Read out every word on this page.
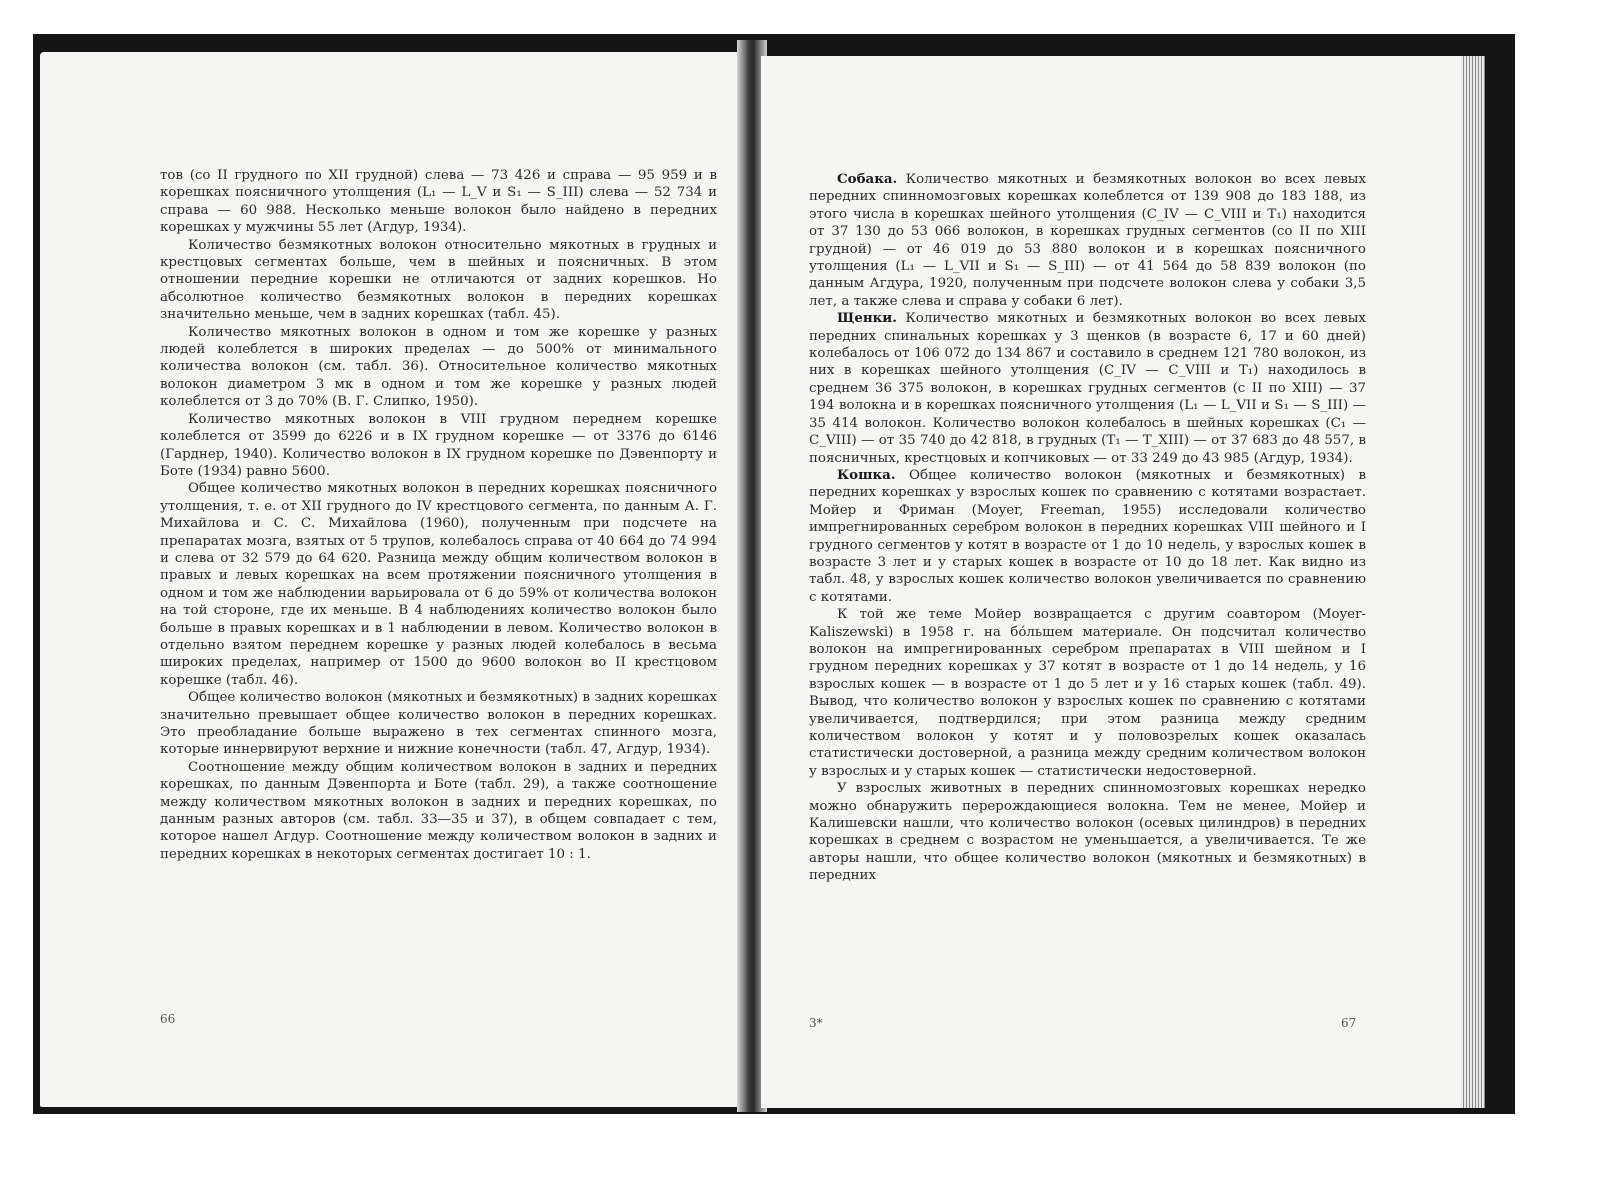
тов (со II грудного по XII грудной) слева — 73 426 и справа — 95 959 и в корешках поясничного утолщения (L₁ — L_V и S₁ — S_III) слева — 52 734 и справа — 60 988. Несколько меньше волокон было найдено в передних корешках у мужчины 55 лет (Агдур, 1934).

Количество безмякотных волокон относительно мякотных в грудных и крестцовых сегментах больше, чем в шейных и поясничных. В этом отношении передние корешки не отличаются от задних корешков. Но абсолютное количество безмякотных волокон в передних корешках значительно меньше, чем в задних корешках (табл. 45).

Количество мякотных волокон в одном и том же корешке у разных людей колеблется в широких пределах — до 500% от минимального количества волокон (см. табл. 36). Относительное количество мякотных волокон диаметром 3 мк в одном и том же корешке у разных людей колеблется от 3 до 70% (В. Г. Слипко, 1950).

Количество мякотных волокон в VIII грудном переднем корешке колеблется от 3599 до 6226 и в IX грудном корешке — от 3376 до 6146 (Гарднер, 1940). Количество волокон в IX грудном корешке по Дэвенпорту и Боте (1934) равно 5600.

Общее количество мякотных волокон в передних корешках поясничного утолщения, т. е. от XII грудного до IV крестцового сегмента, по данным А. Г. Михайлова и С. С. Михайлова (1960), полученным при подсчете на препаратах мозга, взятых от 5 трупов, колебалось справа от 40 664 до 74 994 и слева от 32 579 до 64 620. Разница между общим количеством волокон в правых и левых корешках на всем протяжении поясничного утолщения в одном и том же наблюдении варьировала от 6 до 59% от количества волокон на той стороне, где их меньше. В 4 наблюдениях количество волокон было больше в правых корешках и в 1 наблюдении в левом. Количество волокон в отдельно взятом переднем корешке у разных людей колебалось в весьма широких пределах, например от 1500 до 9600 волокон во II крестцовом корешке (табл. 46).

Общее количество волокон (мякотных и безмякотных) в задних корешках значительно превышает общее количество волокон в передних корешках. Это преобладание больше выражено в тех сегментах спинного мозга, которые иннервируют верхние и нижние конечности (табл. 47, Агдур, 1934).

Соотношение между общим количеством волокон в задних и передних корешках, по данным Дэвенпорта и Боте (табл. 29), а также соотношение между количеством мякотных волокон в задних и передних корешках, по данным разных авторов (см. табл. 33—35 и 37), в общем совпадает с тем, которое нашел Агдур. Соотношение между количеством волокон в задних и передних корешках в некоторых сегментах достигает 10 : 1.

66

Собака. Количество мякотных и безмякотных волокон во всех левых передних спинномозговых корешках колеблется от 139 908 до 183 188, из этого числа в корешках шейного утолщения (C_IV — C_VIII и T₁) находится от 37 130 до 53 066 волокон, в корешках грудных сегментов (со II по XIII грудной) — от 46 019 до 53 880 волокон и в корешках поясничного утолщения (L₁ — L_VII и S₁ — S_III) — от 41 564 до 58 839 волокон (по данным Агдура, 1920, полученным при подсчете волокон слева у собаки 3,5 лет, а также слева и справа у собаки 6 лет).

Щенки. Количество мякотных и безмякотных волокон во всех левых передних спинальных корешках у 3 щенков (в возрасте 6, 17 и 60 дней) колебалось от 106 072 до 134 867 и составило в среднем 121 780 волокон, из них в корешках шейного утолщения (C_IV — C_VIII и T₁) находилось в среднем 36 375 волокон, в корешках грудных сегментов (с II по XIII) — 37 194 волокна и в корешках поясничного утолщения (L₁ — L_VII и S₁ — S_III) — 35 414 волокон. Количество волокон колебалось в шейных корешках (C₁ — C_VIII) — от 35 740 до 42 818, в грудных (T₁ — T_XIII) — от 37 683 до 48 557, в поясничных, крестцовых и копчиковых — от 33 249 до 43 985 (Агдур, 1934).

Кошка. Общее количество волокон (мякотных и безмякотных) в передних корешках у взрослых кошек по сравнению с котятами возрастает. Мойер и Фриман (Moyer, Freeman, 1955) исследовали количество импрегнированных серебром волокон в передних корешках VIII шейного и I грудного сегментов у котят в возрасте от 1 до 10 недель, у взрослых кошек в возрасте 3 лет и у старых кошек в возрасте от 10 до 18 лет. Как видно из табл. 48, у взрослых кошек количество волокон увеличивается по сравнению с котятами.

К той же теме Мойер возвращается с другим соавтором (Moyer-Kaliszewski) в 1958 г. на бо́льшем материале. Он подсчитал количество волокон на импрегнированных серебром препаратах в VIII шейном и I грудном передних корешках у 37 котят в возрасте от 1 до 14 недель, у 16 взрослых кошек — в возрасте от 1 до 5 лет и у 16 старых кошек (табл. 49). Вывод, что количество волокон у взрослых кошек по сравнению с котятами увеличивается, подтвердился; при этом разница между средним количеством волокон у котят и у половозрелых кошек оказалась статистически достоверной, а разница между средним количеством волокон у взрослых и у старых кошек — статистически недостоверной.

У взрослых животных в передних спинномозговых корешках нередко можно обнаружить перерождающиеся волокна. Тем не менее, Мойер и Калишевски нашли, что количество волокон (осевых цилиндров) в передних корешках в среднем с возрастом не уменьшается, а увеличивается. Те же авторы нашли, что общее количество волокон (мякотных и безмякотных) в передних

3*	67
